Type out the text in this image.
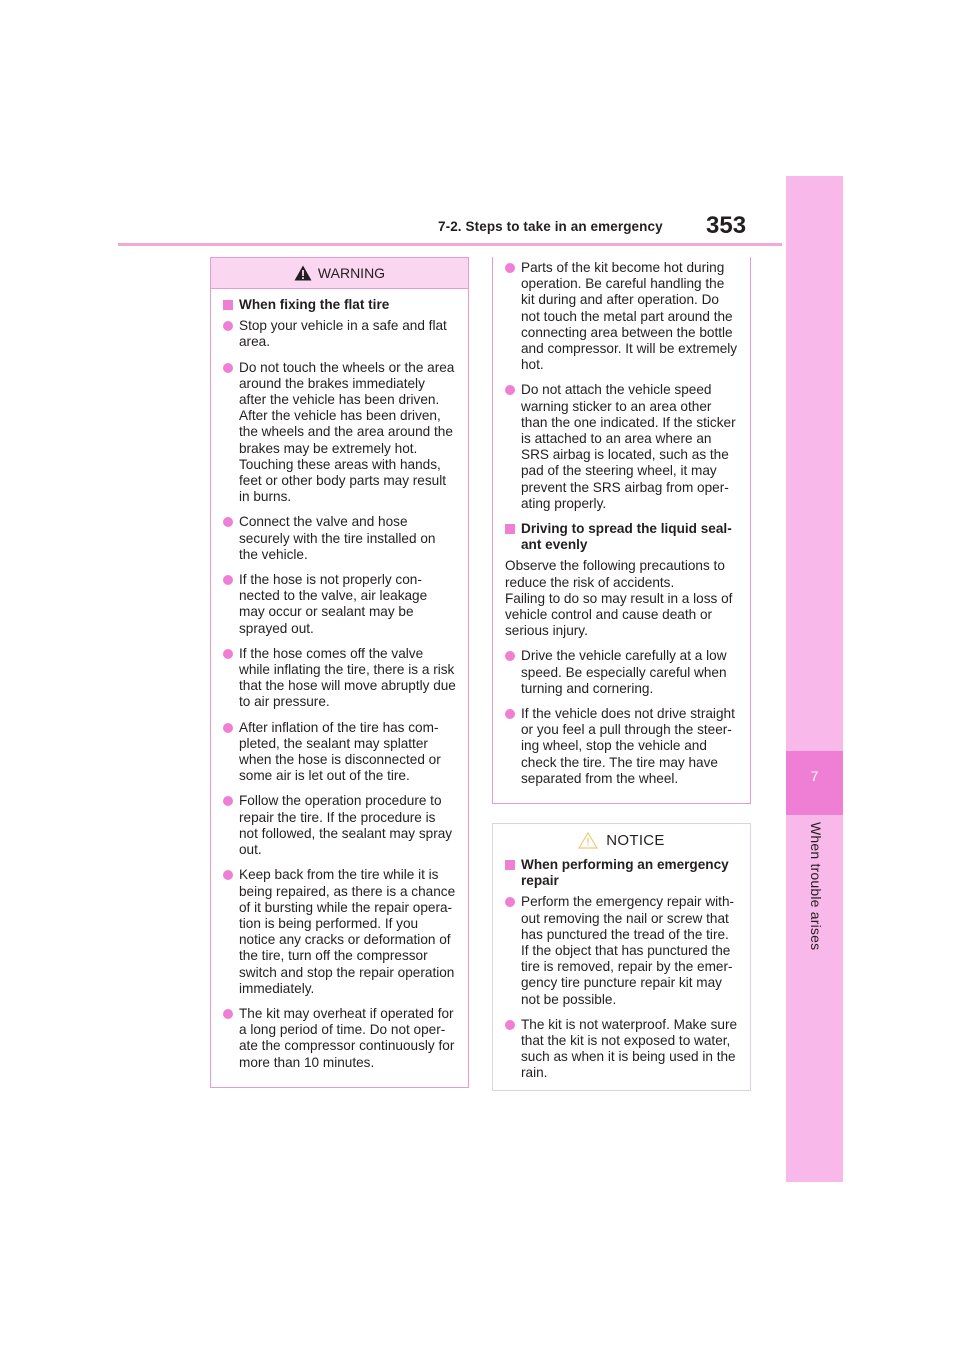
7-2. Steps to take in an emergency 353
7
When trouble arises
WARNING
When fixing the flat tire
Stop your vehicle in a safe and flat
area.
Do not touch the wheels or the area
around the brakes immediately
after the vehicle has been driven.
After the vehicle has been driven,
the wheels and the area around the
brakes may be extremely hot.
Touching these areas with hands,
feet or other body parts may result
in burns.
Connect the valve and hose
securely with the tire installed on
the vehicle.
If the hose is not properly con-
nected to the valve, air leakage
may occur or sealant may be
sprayed out.
If the hose comes off the valve
while inflating the tire, there is a risk
that the hose will move abruptly due
to air pressure.
After inflation of the tire has com-
pleted, the sealant may splatter
when the hose is disconnected or
some air is let out of the tire.
Follow the operation procedure to
repair the tire. If the procedure is
not followed, the sealant may spray
out.
Keep back from the tire while it is
being repaired, as there is a chance
of it bursting while the repair opera-
tion is being performed. If you
notice any cracks or deformation of
the tire, turn off the compressor
switch and stop the repair operation
immediately.
The kit may overheat if operated for
a long period of time. Do not oper-
ate the compressor continuously for
more than 10 minutes.
Parts of the kit become hot during
operation. Be careful handling the
kit during and after operation. Do
not touch the metal part around the
connecting area between the bottle
and compressor. It will be extremely
hot.
Do not attach the vehicle speed
warning sticker to an area other
than the one indicated. If the sticker
is attached to an area where an
SRS airbag is located, such as the
pad of the steering wheel, it may
prevent the SRS airbag from oper-
ating properly.
Driving to spread the liquid seal-
ant evenly
Observe the following precautions to
reduce the risk of accidents.
Failing to do so may result in a loss of
vehicle control and cause death or
serious injury.
Drive the vehicle carefully at a low
speed. Be especially careful when
turning and cornering.
If the vehicle does not drive straight
or you feel a pull through the steer-
ing wheel, stop the vehicle and
check the tire. The tire may have
separated from the wheel.
NOTICE
When performing an emergency
repair
Perform the emergency repair with-
out removing the nail or screw that
has punctured the tread of the tire.
If the object that has punctured the
tire is removed, repair by the emer-
gency tire puncture repair kit may
not be possible.
The kit is not waterproof. Make sure
that the kit is not exposed to water,
such as when it is being used in the
rain.
